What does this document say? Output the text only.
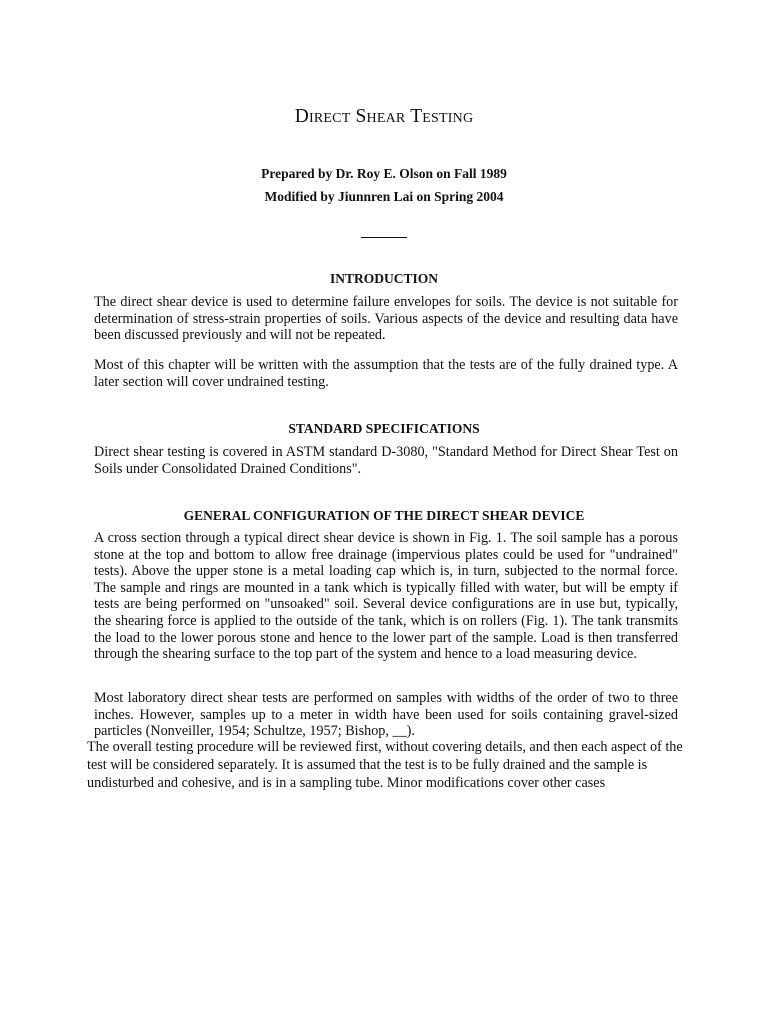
Direct Shear Testing

Prepared by Dr. Roy E. Olson on Fall 1989

Modified by Jiunnren Lai on Spring 2004

INTRODUCTION

The direct shear device is used to determine failure envelopes for soils. The device is not suitable for determination of stress-strain properties of soils. Various aspects of the device and resulting data have been discussed previously and will not be repeated.

Most of this chapter will be written with the assumption that the tests are of the fully drained type. A later section will cover undrained testing.

STANDARD SPECIFICATIONS

Direct shear testing is covered in ASTM standard D-3080, "Standard Method for Direct Shear Test on Soils under Consolidated Drained Conditions".

GENERAL CONFIGURATION OF THE DIRECT SHEAR DEVICE

A cross section through a typical direct shear device is shown in Fig. 1. The soil sample has a porous stone at the top and bottom to allow free drainage (impervious plates could be used for "undrained" tests). Above the upper stone is a metal loading cap which is, in turn, subjected to the normal force. The sample and rings are mounted in a tank which is typically filled with water, but will be empty if tests are being performed on "unsoaked" soil. Several device configurations are in use but, typically, the shearing force is applied to the outside of the tank, which is on rollers (Fig. 1). The tank transmits the load to the lower porous stone and hence to the lower part of the sample. Load is then transferred through the shearing surface to the top part of the system and hence to a load measuring device.

Most laboratory direct shear tests are performed on samples with widths of the order of two to three inches. However, samples up to a meter in width have been used for soils containing gravel-sized particles (Nonveiller, 1954; Schultze, 1957; Bishop, __).

The overall testing procedure will be reviewed first, without covering details, and then each aspect of the test will be considered separately. It is assumed that the test is to be fully drained and the sample is undisturbed and cohesive, and is in a sampling tube. Minor modifications cover other cases
